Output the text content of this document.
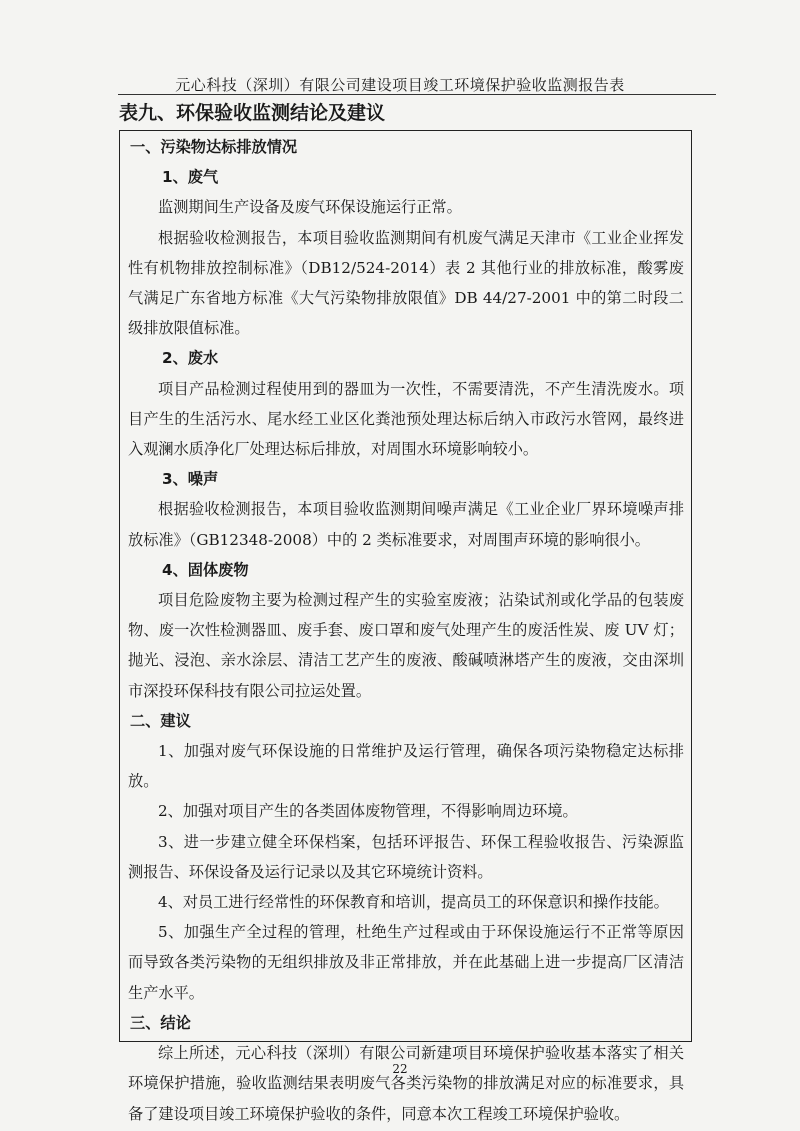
元心科技（深圳）有限公司建设项目竣工环境保护验收监测报告表
表九、环保验收监测结论及建议
一、污染物达标排放情况
1、废气
监测期间生产设备及废气环保设施运行正常。
根据验收检测报告，本项目验收监测期间有机废气满足天津市《工业企业挥发性有机物排放控制标准》（DB12/524-2014）表 2 其他行业的排放标准，酸雾废气满足广东省地方标准《大气污染物排放限值》DB 44/27-2001 中的第二时段二级排放限值标准。
2、废水
项目产品检测过程使用到的器皿为一次性，不需要清洗，不产生清洗废水。项目产生的生活污水、尾水经工业区化粪池预处理达标后纳入市政污水管网，最终进入观澜水质净化厂处理达标后排放，对周围水环境影响较小。
3、噪声
根据验收检测报告，本项目验收监测期间噪声满足《工业企业厂界环境噪声排放标准》（GB12348-2008）中的 2 类标准要求，对周围声环境的影响很小。
4、固体废物
项目危险废物主要为检测过程产生的实验室废液；沾染试剂或化学品的包装废物、废一次性检测器皿、废手套、废口罩和废气处理产生的废活性炭、废 UV 灯；抛光、浸泡、亲水涂层、清洁工艺产生的废液、酸碱喷淋塔产生的废液，交由深圳市深投环保科技有限公司拉运处置。
二、建议
1、加强对废气环保设施的日常维护及运行管理，确保各项污染物稳定达标排放。
2、加强对项目产生的各类固体废物管理，不得影响周边环境。
3、进一步建立健全环保档案，包括环评报告、环保工程验收报告、污染源监测报告、环保设备及运行记录以及其它环境统计资料。
4、对员工进行经常性的环保教育和培训，提高员工的环保意识和操作技能。
5、加强生产全过程的管理，杜绝生产过程或由于环保设施运行不正常等原因而导致各类污染物的无组织排放及非正常排放，并在此基础上进一步提高厂区清洁生产水平。
三、结论
综上所述，元心科技（深圳）有限公司新建项目环境保护验收基本落实了相关环境保护措施，验收监测结果表明废气各类污染物的排放满足对应的标准要求，具备了建设项目竣工环境保护验收的条件，同意本次工程竣工环境保护验收。
22
